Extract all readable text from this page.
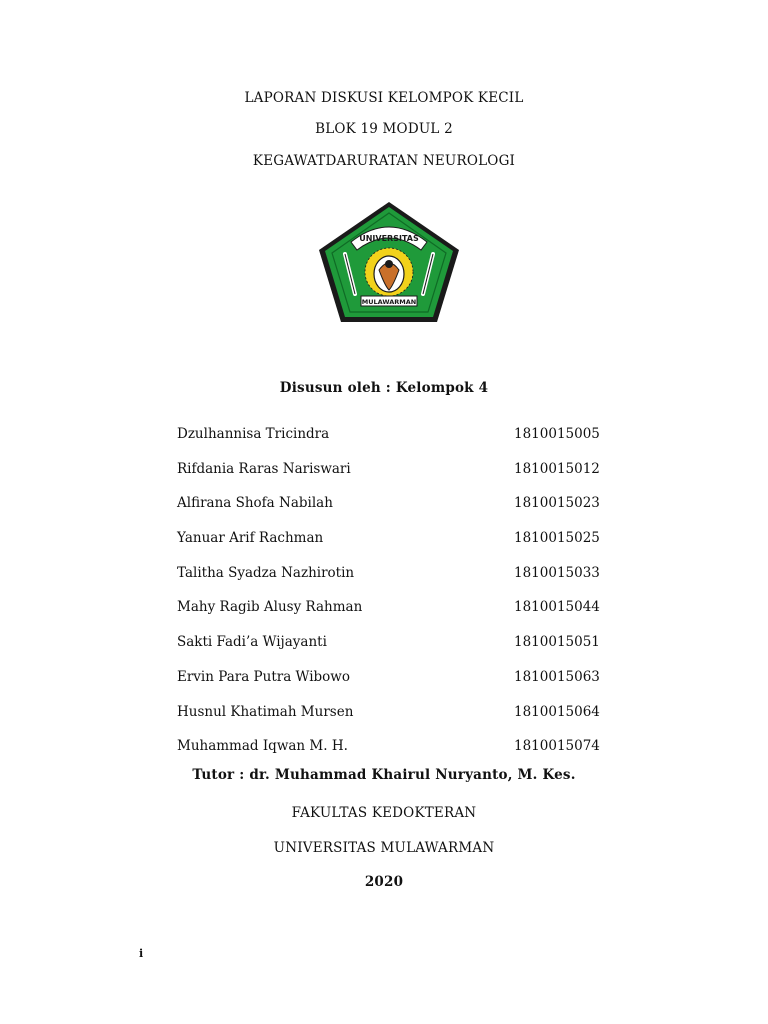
LAPORAN DISKUSI KELOMPOK KECIL
BLOK 19 MODUL 2
KEGAWATDARURATAN NEUROLOGI
UNIVERSITAS
MULAWARMAN
Disusun oleh : Kelompok 4
Dzulhannisa Tricindra	1810015005
Rifdania Raras Nariswari	1810015012
Alfirana Shofa Nabilah	1810015023
Yanuar Arif Rachman	1810015025
Talitha Syadza Nazhirotin	1810015033
Mahy Ragib Alusy Rahman	1810015044
Sakti Fadi’a Wijayanti	1810015051
Ervin Para Putra Wibowo	1810015063
Husnul Khatimah Mursen	1810015064
Muhammad Iqwan M. H.	1810015074
Tutor : dr. Muhammad Khairul Nuryanto, M. Kes.
FAKULTAS KEDOKTERAN
UNIVERSITAS MULAWARMAN
2020
i
